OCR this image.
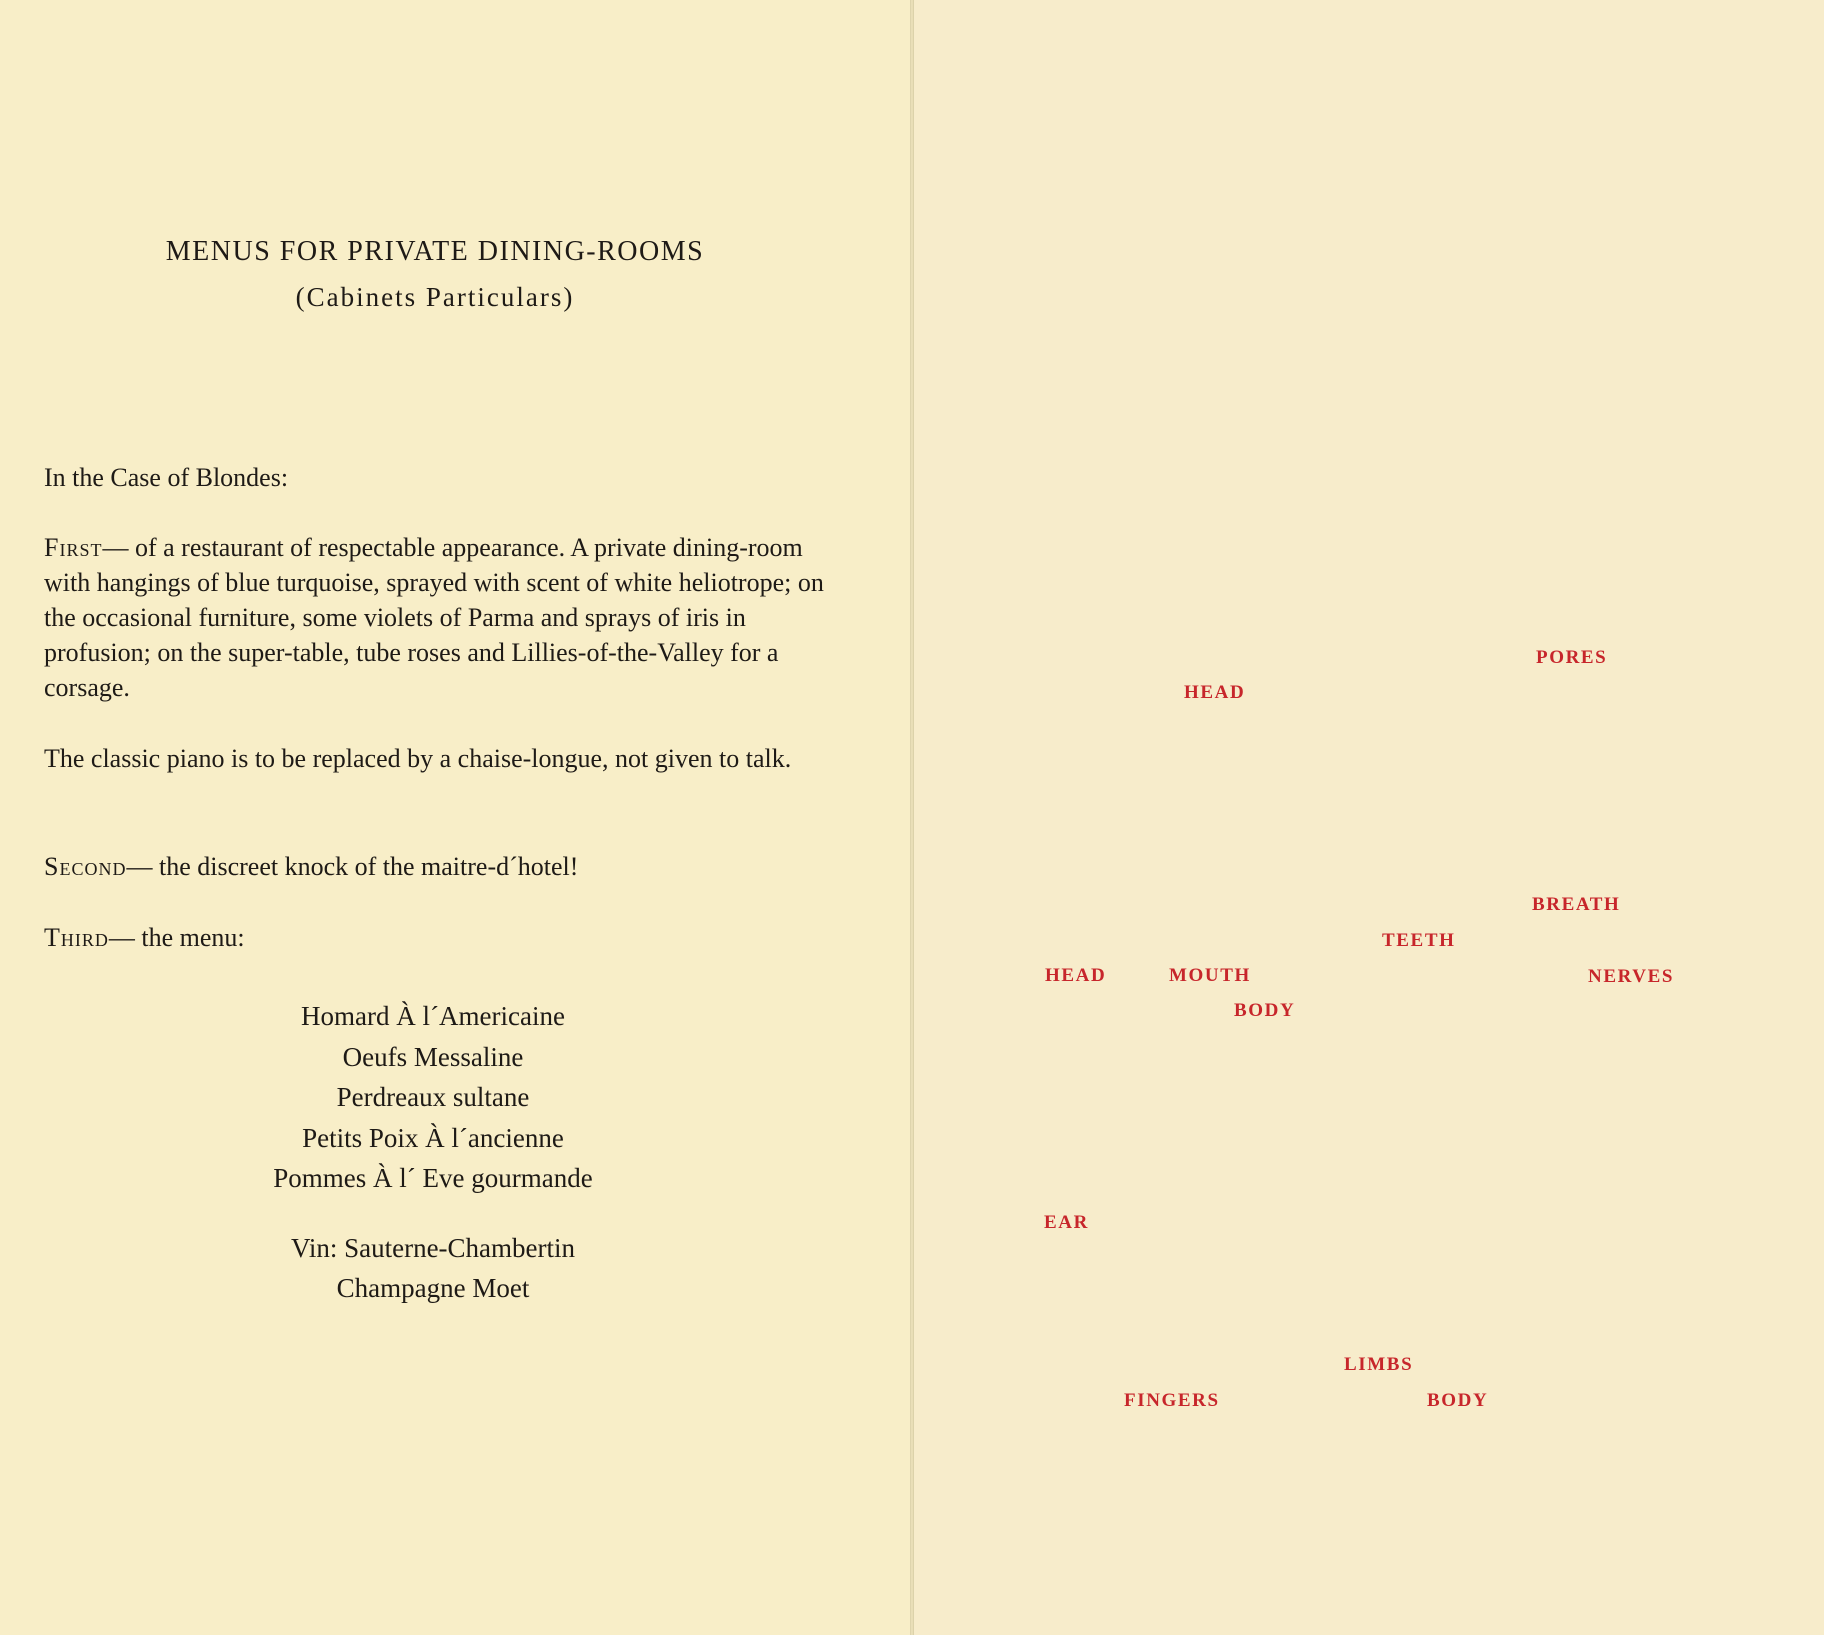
MENUS FOR PRIVATE DINING-ROOMS
(Cabinets Particulars)

In the Case of Blondes:

First— of a restaurant of respectable appearance. A private dining-room with hangings of blue turquoise, sprayed with scent of white heliotrope; on the occasional furniture, some violets of Parma and sprays of iris in profusion; on the super-table, tube roses and Lillies-of-the-Valley for a corsage.

The classic piano is to be replaced by a chaise-longue, not given to talk.

Second— the discreet knock of the maitre-d´hotel!

Third— the menu:

Homard À l´Americaine
Oeufs Messaline
Perdreaux sultane
Petits Poix À l´ancienne
Pommes À l´ Eve gourmande
Vin: Sauterne-Chambertin
Champagne Moet
PORES
HEAD
BREATH
TEETH
HEAD	MOUTH	NERVES
BODY
EAR
LIMBS
FINGERS	BODY
